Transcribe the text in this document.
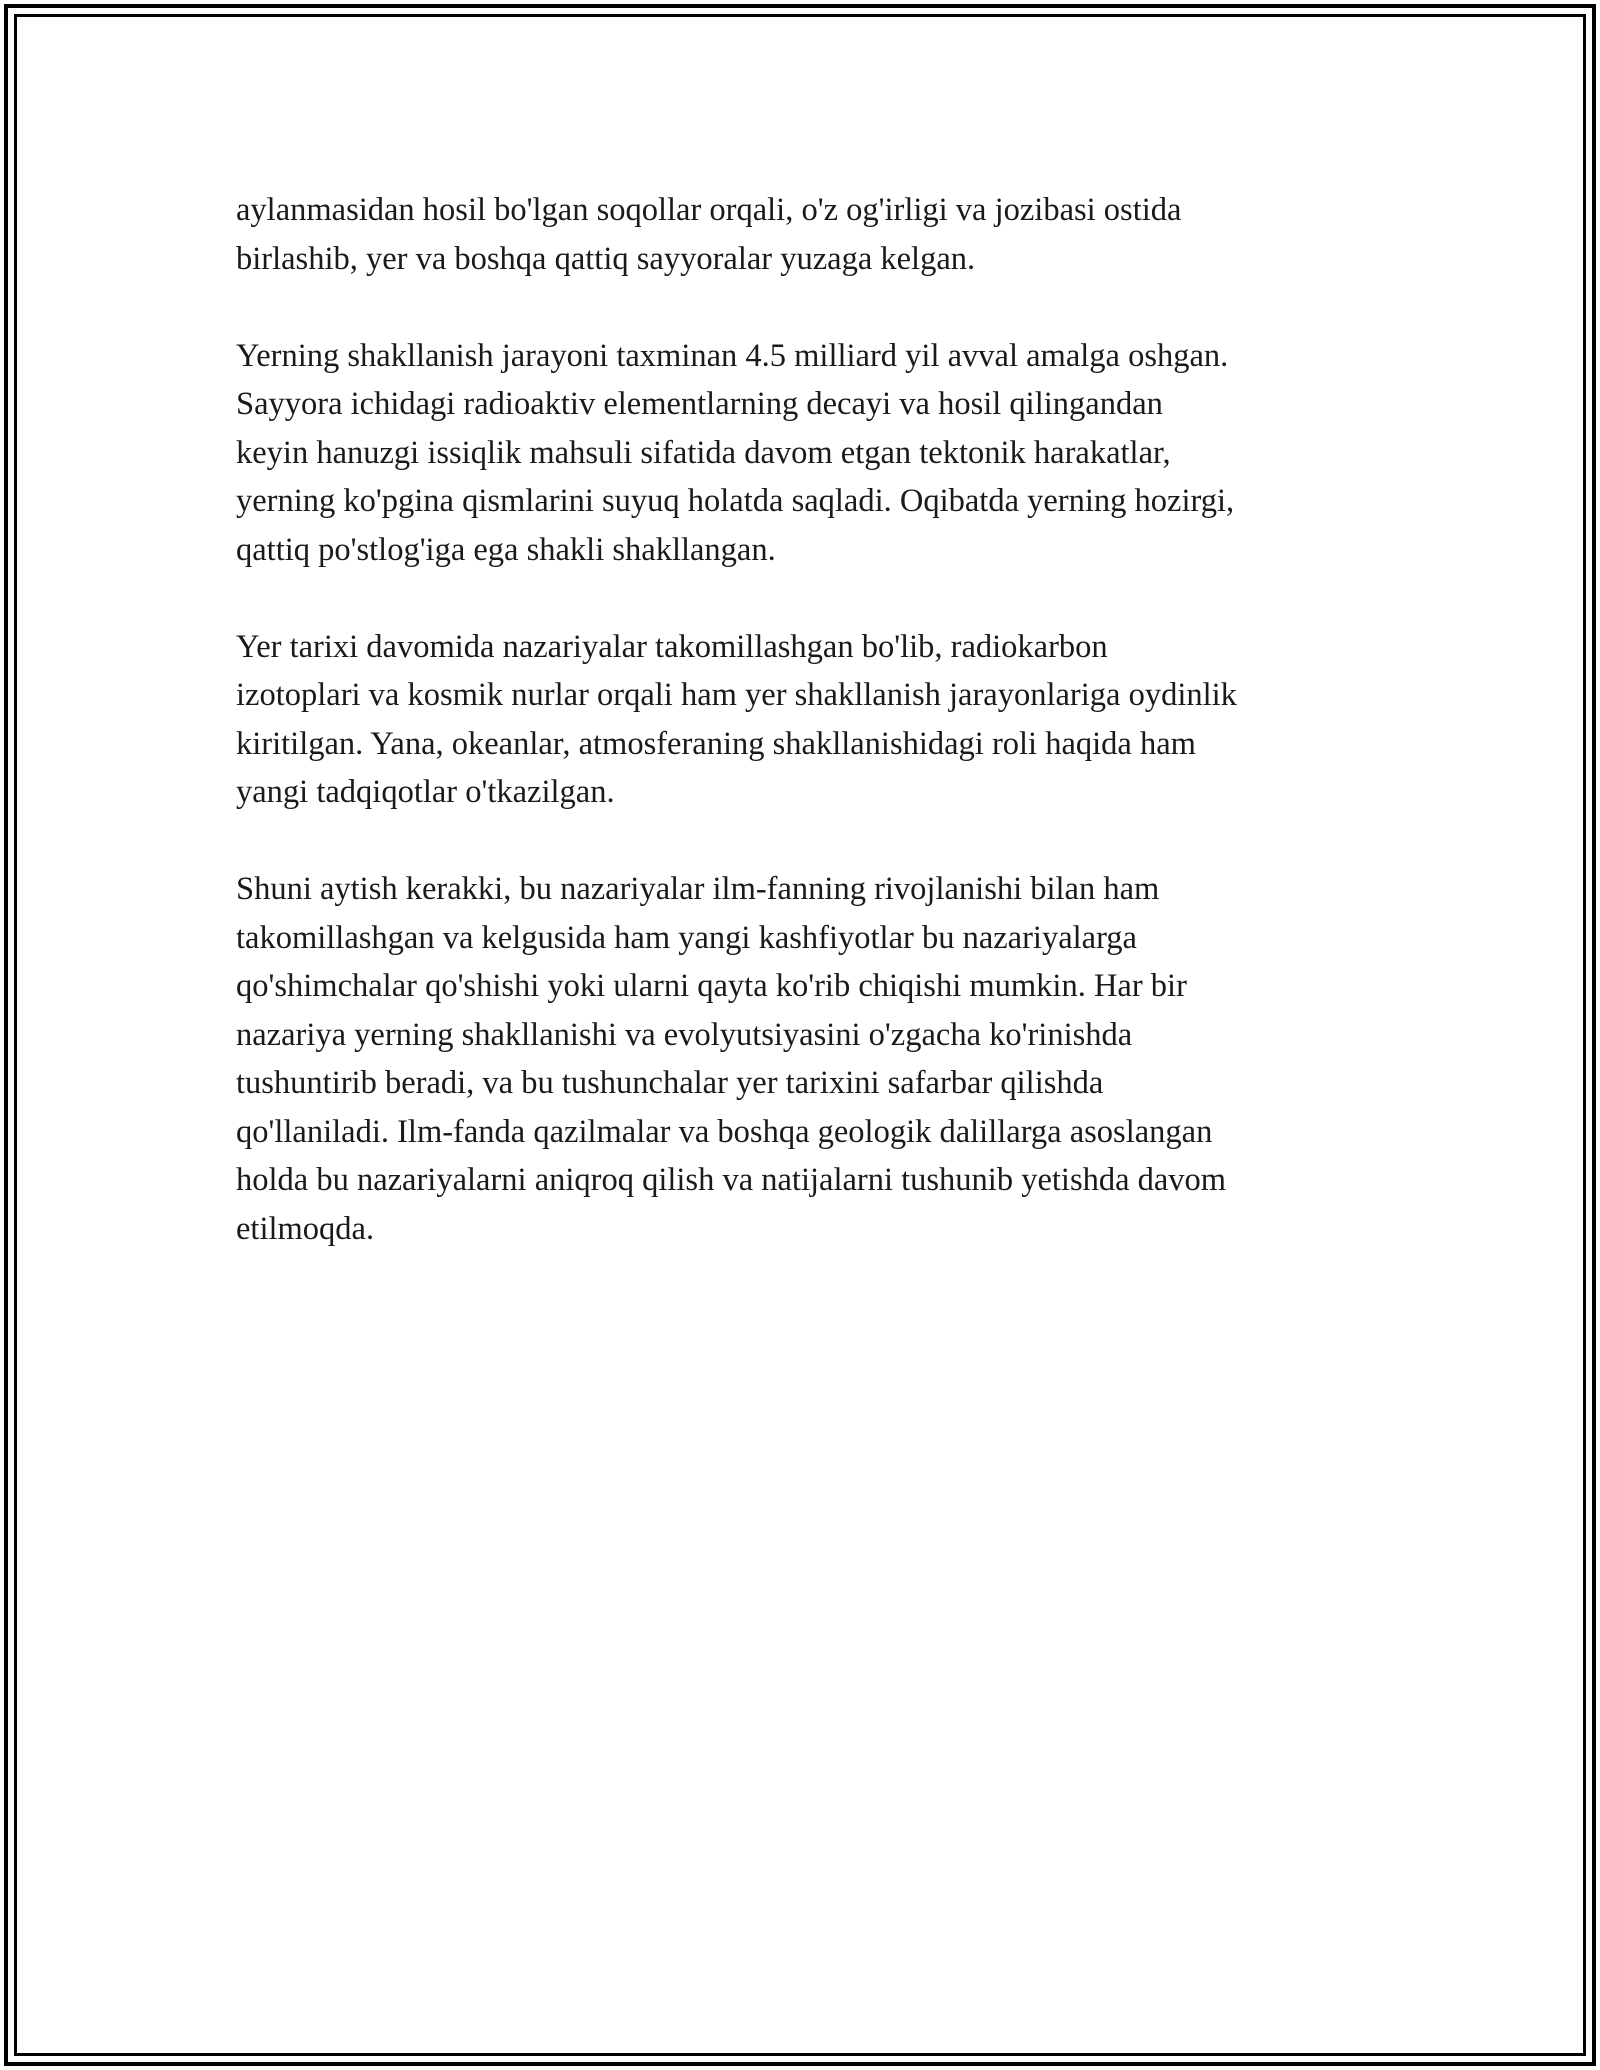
aylanmasidan hosil bo'lgan soqollar orqali, o'z og'irligi va jozibasi ostida
birlashib, yer va boshqa qattiq sayyoralar yuzaga kelgan.

Yerning shakllanish jarayoni taxminan 4.5 milliard yil avval amalga oshgan.
Sayyora ichidagi radioaktiv elementlarning decayi va hosil qilingandan
keyin hanuzgi issiqlik mahsuli sifatida davom etgan tektonik harakatlar,
yerning ko'pgina qismlarini suyuq holatda saqladi. Oqibatda yerning hozirgi,
qattiq po'stlog'iga ega shakli shakllangan.

Yer tarixi davomida nazariyalar takomillashgan bo'lib, radiokarbon
izotoplari va kosmik nurlar orqali ham yer shakllanish jarayonlariga oydinlik
kiritilgan. Yana, okeanlar, atmosferaning shakllanishidagi roli haqida ham
yangi tadqiqotlar o'tkazilgan.

Shuni aytish kerakki, bu nazariyalar ilm-fanning rivojlanishi bilan ham
takomillashgan va kelgusida ham yangi kashfiyotlar bu nazariyalarga
qo'shimchalar qo'shishi yoki ularni qayta ko'rib chiqishi mumkin. Har bir
nazariya yerning shakllanishi va evolyutsiyasini o'zgacha ko'rinishda
tushuntirib beradi, va bu tushunchalar yer tarixini safarbar qilishda
qo'llaniladi. Ilm-fanda qazilmalar va boshqa geologik dalillarga asoslangan
holda bu nazariyalarni aniqroq qilish va natijalarni tushunib yetishda davom
etilmoqda.
